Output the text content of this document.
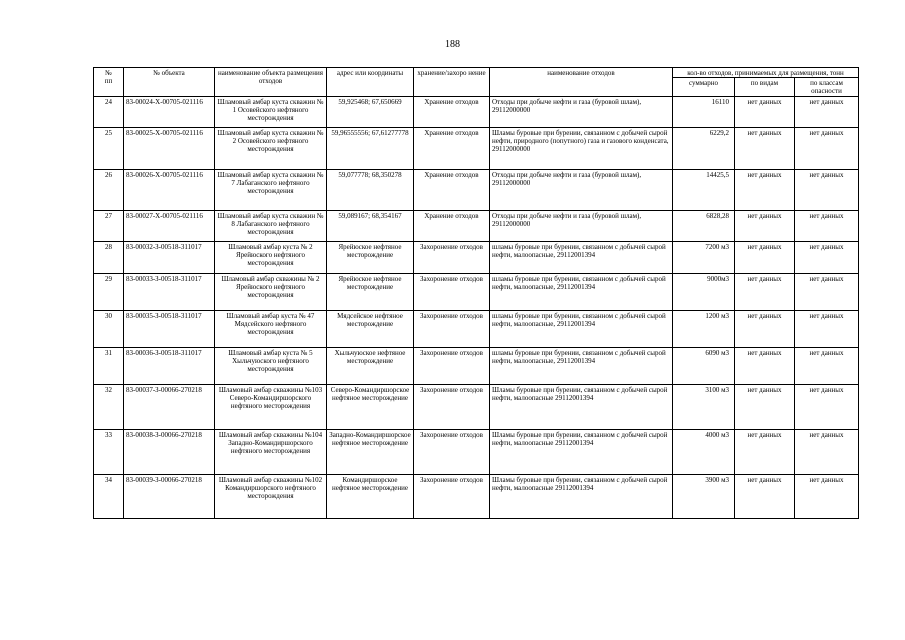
188
№
пп	№ объекта	наименование объекта размещения отходов	адрес или координаты	хранение/захоро нение	наименование отходов	кол-во отходов, принимаемых для размещения, тонн		
						суммарно	по видам	по классам опасности
24	83-00024-Х-00705-021116	Шламовый амбар куста скважин № 1 Осовейского нефтяного месторождения	59,925468; 67,650669	Хранение отходов	Отходы при добыче нефти и газа (буровой шлам), 29112000000	16110	нет данных	нет данных
25	83-00025-Х-00705-021116	Шламовый амбар куста скважин № 2 Осовейского нефтяного месторождения	59,96555556; 67,61277778	Хранение отходов	Шламы буровые при бурении, связанном с добычей сырой нефти, природного (попутного) газа и газового конденсата, 29112000000	6229,2	нет данных	нет данных
26	83-00026-Х-00705-021116	Шламовый амбар куста скважин № 7 Лабаганского нефтяного месторождения	59,077778; 68,350278	Хранение отходов	Отходы при добыче нефти и газа (буровой шлам), 29112000000	14425,5	нет данных	нет данных
27	83-00027-Х-00705-021116	Шламовый амбар куста скважин № 8 Лабаганского нефтяного месторождения	59,089167; 68,354167	Хранение отходов	Отходы при добыче нефти и газа (буровой шлам), 29112000000	6828,28	нет данных	нет данных
28	83-00032-З-00518-311017	Шламовый амбар куста № 2 Ярейюского нефтяного месторождения	Ярейюское нефтяное месторождение	Захоронение отходов	шламы буровые при бурении, связанном с добычей сырой нефти, малоопасные, 29112001394	7200 м3	нет данных	нет данных
29	83-00033-З-00518-311017	Шламовый амбар скважины № 2 Ярейюского нефтяного месторождения	Ярейюское нефтяное месторождение	Захоронение отходов	шламы буровые при бурении, связанном с добычей сырой нефти, малоопасные, 29112001394	9000м3	нет данных	нет данных
30	83-00035-З-00518-311017	Шламовый амбар куста № 47 Мядсейского нефтяного месторождения	Мядсейское нефтяное месторождение	Захоронение отходов	шламы буровые при бурении, связанном с добычей сырой нефти, малоопасные, 29112001394	1200 м3	нет данных	нет данных
31	83-00036-З-00518-311017	Шламовый амбар куста № 5 Хыльчуюского нефтяного месторождения	Хыльчуюское нефтяное месторождение	Захоронение отходов	шламы буровые при бурении, связанном с добычей сырой нефти, малоопасные, 29112001394	6090 м3	нет данных	нет данных
32	83-00037-З-00066-270218	Шламовый амбар скважины №103 Северо-Командиршорского нефтяного месторождения	Северо-Командиршорское нефтяное месторождение	Захоронение отходов	Шламы буровые при бурении, связанном с добычей сырой нефти, малоопасные 29112001394	3100 м3	нет данных	нет данных
33	83-00038-З-00066-270218	Шламовый амбар скважины №104 Западно-Командиршорского нефтяного месторождения	Западно-Командиршорское нефтяное месторождение	Захоронение отходов	Шламы буровые при бурении, связанном с добычей сырой нефти, малоопасные 29112001394	4000 м3	нет данных	нет данных
34	83-00039-З-00066-270218	Шламовый амбар скважины №102 Командиршорского нефтяного месторождения	Командиршорское нефтяное месторождение	Захоронение отходов	Шламы буровые при бурении, связанном с добычей сырой нефти, малоопасные 29112001394	3900 м3	нет данных	нет данных
